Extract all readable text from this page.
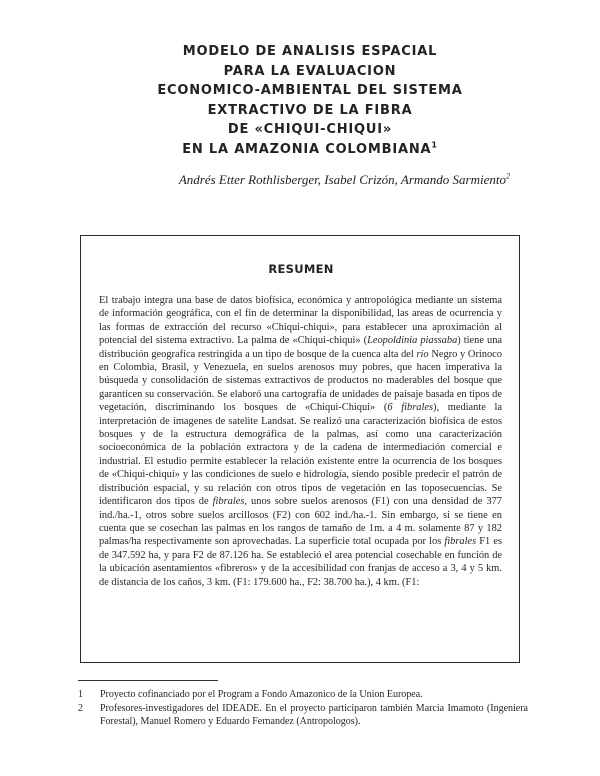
MODELO DE ANALISIS ESPACIAL
PARA LA EVALUACION
ECONOMICO-AMBIENTAL DEL SISTEMA
EXTRACTIVO DE LA FIBRA
DE «CHIQUI-CHIQUI»
EN LA AMAZONIA COLOMBIANA$^1$
Andrés Etter Rothlisberger, Isabel Crizón, Armando Sarmiento$^2$
RESUMEN

El trabajo integra una base de datos biofísica, económica y antropológica mediante un sistema de información geográfica, con el fin de determinar la disponibilidad, las areas de ocurrencia y las formas de extracción del recurso «Chiqui-chiqui», para establecer una aproximación al potencial del sistema extractivo. La palma de «Chiqui-chiqui» (Leopoldinia piassaba) tiene una distribución geografica restringida a un tipo de bosque de la cuenca alta del río Negro y Orinoco en Colombia, Brasil, y Venezuela, en suelos arenosos muy pobres, que hacen imperativa la búsqueda y consolidación de sistemas extractivos de productos no maderables del bosque que garanticen su conservación. Se elaboró una cartografía de unidades de paisaje basada en tipos de vegetación, discriminando los bosques de «Chiqui-Chiqui» (6 fibrales), mediante la interpretación de imagenes de satelite Landsat. Se realizó una caracterización biofísica de estos bosques y de la estructura demográfica de la palmas, así como una caracterización socioeconómica de la población extractora y de la cadena de intermediación comercial e industrial. El estudio permite establecer la relación existente entre la ocurrencia de los bosques de «Chiqui-chiqui» y las condiciones de suelo e hidrología, siendo posible predecir el patrón de distribución espacial, y su relación con otros tipos de vegetación en las toposecuencias. Se identificaron dos tipos de fibrales, unos sobre suelos arenosos (F1) con una densidad de 377 ind./ha.-1, otros sobre suelos arcillosos (F2) con 602 ind./ha.-1. Sin embargo, si se tiene en cuenta que se cosechan las palmas en los rangos de tamaño de 1m. a 4 m. solamente 87 y 182 palmas/ha respectivamente son aprovechadas. La superficie total ocupada por los fibrales F1 es de 347.592 ha, y para F2 de 87.126 ha. Se estableció el area potencial cosechable en función de la ubicación asentamientos «fibreros» y de la accesibilidad con franjas de acceso a 3, 4 y 5 km. de distancia de los caños, 3 km. (F1: 179.600 ha., F2: 38.700 ha.), 4 km. (F1:

1	Proyecto cofinanciado por el Program a Fondo Amazonico de la Union Europea.
2	Profesores-investigadores del IDEADE. En el proyecto participaron también Marcia Imamoto (Ingeniera Forestal), Manuel Romero y Eduardo Fernandez (Antropologos).
